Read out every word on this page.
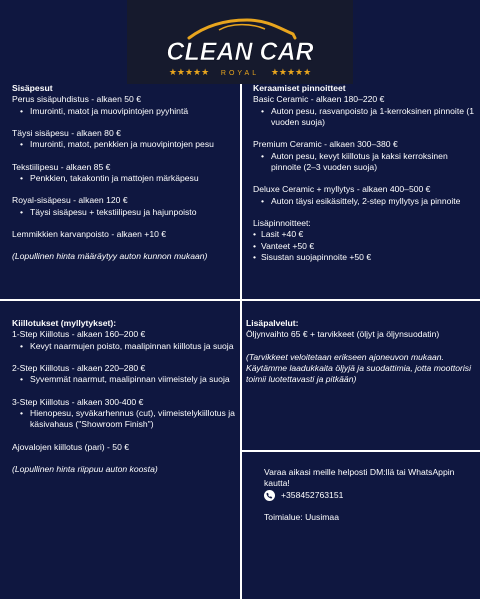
CLEAN CAR
★★★★★ ROYAL ★★★★★

Sisäpesut

Perus sisäpuhdistus - alkaen 50 €

• Imurointi, matot ja muovipintojen pyyhintä

Täysi sisäpesu - alkaen 80 €

• Imurointi, matot, penkkien ja muovipintojen pesu

Tekstiilipesu - alkaen 85 €

• Penkkien, takakontin ja mattojen märkäpesu

Royal-sisäpesu - alkaen 120 €

• Täysi sisäpesu + tekstiilipesu ja hajunpoisto

Lemmikkien karvanpoisto - alkaen +10 €

(Lopullinen hinta määräytyy auton kunnon mukaan)

Keraamiset pinnoitteet

Basic Ceramic - alkaen 180–220 €

• Auton pesu, rasvanpoisto ja 1-kerroksinen pinnoite (1 vuoden suoja)

Premium Ceramic - alkaen 300–380 €

• Auton pesu, kevyt kiillotus ja kaksi kerroksinen pinnoite (2–3 vuoden suoja)

Deluxe Ceramic + myllytys - alkaen 400–500 €

• Auton täysi esikäsittely, 2-step myllytys ja pinnoite

Lisäpinnoitteet:

• Lasit +40 €
• Vanteet +50 €
• Sisustan suojapinnoite +50 €

Kiillotukset (myllytykset):

1-Step Kiillotus - alkaen 160–200 €

• Kevyt naarmujen poisto, maalipinnan kiillotus ja suoja

2-Step Kiillotus - alkaen 220–280 €

• Syvemmät naarmut, maalipinnan viimeistely ja suoja

3-Step Kiillotus - alkaen 300-400 €

• Hienopesu, syväkarhennus (cut), viimeistelykiillotus ja käsivahaus ("Showroom Finish")

Ajovalojen kiillotus (pari) - 50 €

(Lopullinen hinta riippuu auton koosta)

Lisäpalvelut:

Öljynvaihto 65 € + tarvikkeet (öljyt ja öljynsuodatin)

(Tarvikkeet veloitetaan erikseen ajoneuvon mukaan. Käytämme laadukkaita öljyjä ja suodattimia, jotta moottorisi toimii luotettavasti ja pitkään)

Varaa aikasi meille helposti DM:llä tai WhatsAppin kautta!

+358452763151

Toimialue: Uusimaa
